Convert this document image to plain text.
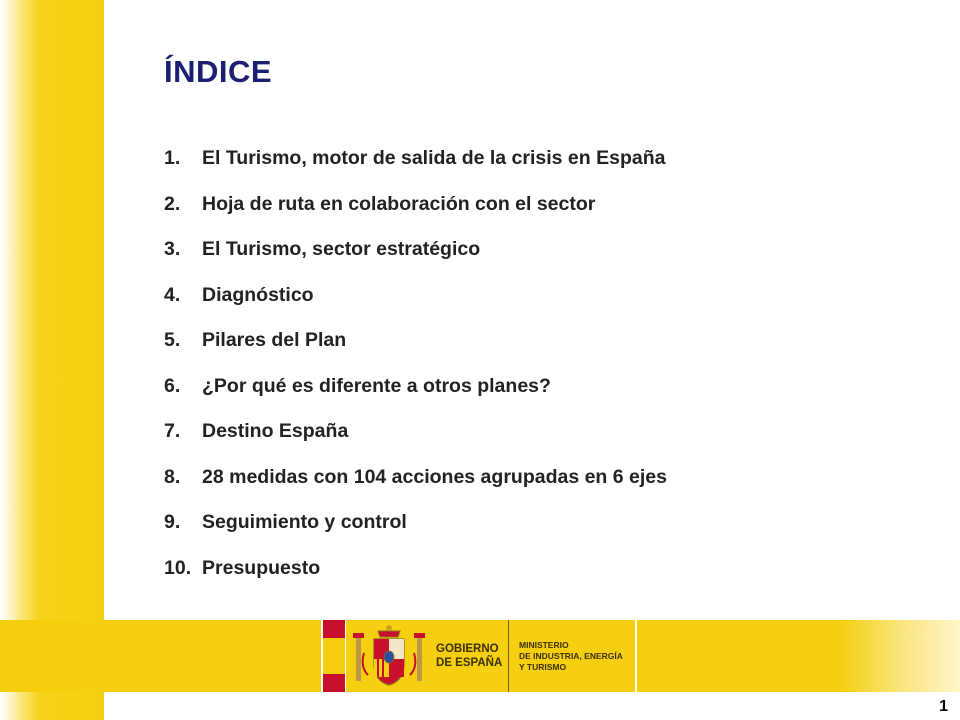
ÍNDICE
1.	El Turismo, motor de salida de la crisis en España
2.	Hoja de ruta en colaboración con el sector
3.	El Turismo, sector estratégico
4.	Diagnóstico
5.	Pilares del Plan
6.	¿Por qué es diferente a otros planes?
7.	Destino España
8.	28 medidas con 104 acciones agrupadas en 6 ejes
9.	Seguimiento y control
10. Presupuesto
GOBIERNO
DE ESPAÑA
MINISTERIO
DE INDUSTRIA, ENERGÍA
Y TURISMO
1
